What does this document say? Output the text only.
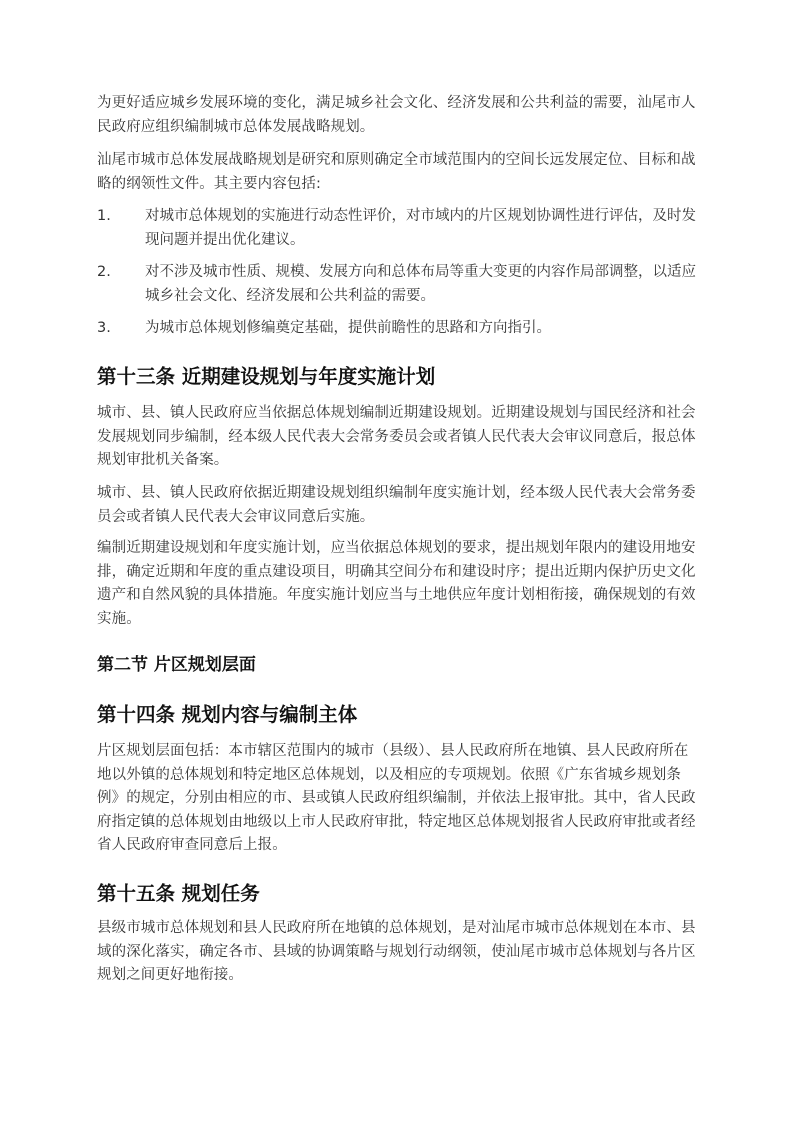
为更好适应城乡发展环境的变化，满足城乡社会文化、经济发展和公共利益的需要，汕尾市人民政府应组织编制城市总体发展战略规划。

汕尾市城市总体发展战略规划是研究和原则确定全市域范围内的空间长远发展定位、目标和战略的纲领性文件。其主要内容包括:

1.	对城市总体规划的实施进行动态性评价，对市域内的片区规划协调性进行评估，及时发现问题并提出优化建议。
2.	对不涉及城市性质、规模、发展方向和总体布局等重大变更的内容作局部调整，以适应城乡社会文化、经济发展和公共利益的需要。
3.	为城市总体规划修编奠定基础，提供前瞻性的思路和方向指引。
第十三条 近期建设规划与年度实施计划

城市、县、镇人民政府应当依据总体规划编制近期建设规划。近期建设规划与国民经济和社会发展规划同步编制，经本级人民代表大会常务委员会或者镇人民代表大会审议同意后，报总体规划审批机关备案。

城市、县、镇人民政府依据近期建设规划组织编制年度实施计划，经本级人民代表大会常务委员会或者镇人民代表大会审议同意后实施。

编制近期建设规划和年度实施计划，应当依据总体规划的要求，提出规划年限内的建设用地安排，确定近期和年度的重点建设项目，明确其空间分布和建设时序；提出近期内保护历史文化遗产和自然风貌的具体措施。年度实施计划应当与土地供应年度计划相衔接，确保规划的有效实施。

第二节 片区规划层面
第十四条 规划内容与编制主体

片区规划层面包括：本市辖区范围内的城市（县级）、县人民政府所在地镇、县人民政府所在地以外镇的总体规划和特定地区总体规划，以及相应的专项规划。依照《广东省城乡规划条例》的规定，分别由相应的市、县或镇人民政府组织编制，并依法上报审批。其中，省人民政府指定镇的总体规划由地级以上市人民政府审批，特定地区总体规划报省人民政府审批或者经省人民政府审查同意后上报。

第十五条 规划任务

县级市城市总体规划和县人民政府所在地镇的总体规划，是对汕尾市城市总体规划在本市、县域的深化落实，确定各市、县域的协调策略与规划行动纲领，使汕尾市城市总体规划与各片区规划之间更好地衔接。
